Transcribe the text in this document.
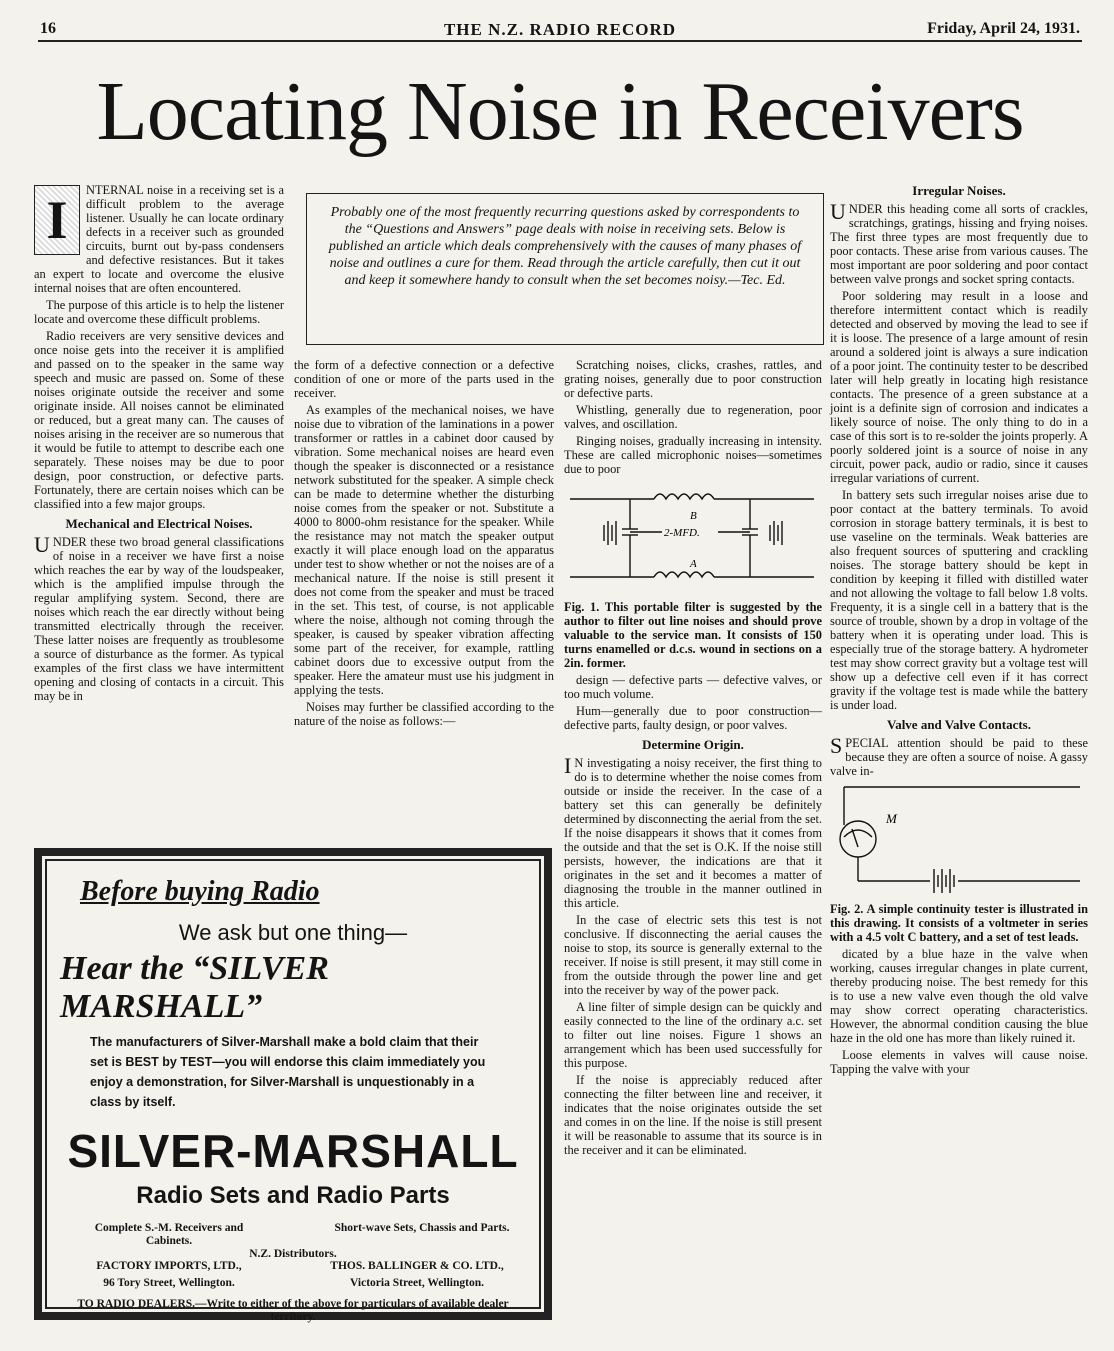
16	THE N.Z. RADIO RECORD	Friday, April 24, 1931.
Locating Noise in Receivers

Probably one of the most frequently recurring questions asked by correspondents to the “Questions and Answers” page deals with noise in receiving sets. Below is published an article which deals comprehensively with the causes of many phases of noise and outlines a cure for them. Read through the article carefully, then cut it out and keep it somewhere handy to consult when the set becomes noisy.—Tec. Ed.

I	NTERNAL noise in a receiving set is a difficult problem to the average listener. Usually he can locate ordinary defects in a receiver such as grounded circuits, burnt out by-pass condensers and defective resistances. But it takes an expert to locate and overcome the elusive internal noises that are often encountered.

The purpose of this article is to help the listener locate and overcome these difficult problems.

Radio receivers are very sensitive devices and once noise gets into the receiver it is amplified and passed on to the speaker in the same way speech and music are passed on. Some of these noises originate outside the receiver and some originate inside. All noises cannot be eliminated or reduced, but a great many can. The causes of noises arising in the receiver are so numerous that it would be futile to attempt to describe each one separately. These noises may be due to poor design, poor construction, or defective parts. Fortunately, there are certain noises which can be classified into a few major groups.

Mechanical and Electrical Noises.

UNDER these two broad general classifications of noise in a receiver we have first a noise which reaches the ear by way of the loudspeaker, which is the amplified impulse through the regular amplifying system. Second, there are noises which reach the ear directly without being transmitted electrically through the receiver. These latter noises are frequently as troublesome a source of disturbance as the former. As typical examples of the first class we have intermittent opening and closing of contacts in a circuit. This may be in

the form of a defective connection or a defective condition of one or more of the parts used in the receiver.

As examples of the mechanical noises, we have noise due to vibration of the laminations in a power transformer or rattles in a cabinet door caused by vibration. Some mechanical noises are heard even though the speaker is disconnected or a resistance network substituted for the speaker. A simple check can be made to determine whether the disturbing noise comes from the speaker or not. Substitute a 4000 to 8000-ohm resistance for the speaker. While the resistance may not match the speaker output exactly it will place enough load on the apparatus under test to show whether or not the noises are of a mechanical nature. If the noise is still present it does not come from the speaker and must be traced in the set. This test, of course, is not applicable where the noise, although not coming through the speaker, is caused by speaker vibration affecting some part of the receiver, for example, rattling cabinet doors due to excessive output from the speaker. Here the amateur must use his judgment in applying the tests.

Noises may further be classified according to the nature of the noise as follows:—

Scratching noises, clicks, crashes, rattles, and grating noises, generally due to poor construction or defective parts.

Whistling, generally due to regeneration, poor valves, and oscillation.

Ringing noises, gradually increasing in intensity. These are called microphonic noises—sometimes due to poor

B
2-MFD.
A

Fig. 1. This portable filter is suggested by the author to filter out line noises and should prove valuable to the service man. It consists of 150 turns enamelled or d.c.s. wound in sections on a 2in. former.

design — defective parts — defective valves, or too much volume.

Hum—generally due to poor construction—defective parts, faulty design, or poor valves.

Determine Origin.

I N investigating a noisy receiver, the first thing to do is to determine whether the noise comes from outside or inside the receiver. In the case of a battery set this can generally be definitely determined by disconnecting the aerial from the set. If the noise disappears it shows that it comes from the outside and that the set is O.K. If the noise still persists, however, the indications are that it originates in the set and it becomes a matter of diagnosing the trouble in the manner outlined in this article.

In the case of electric sets this test is not conclusive. If disconnecting the aerial causes the noise to stop, its source is generally external to the receiver. If noise is still present, it may still come in from the outside through the power line and get into the receiver by way of the power pack.

A line filter of simple design can be quickly and easily connected to the line of the ordinary a.c. set to filter out line noises. Figure 1 shows an arrangement which has been used successfully for this purpose.

If the noise is appreciably reduced after connecting the filter between line and receiver, it indicates that the noise originates outside the set and comes in on the line. If the noise is still present it will be reasonable to assume that its source is in the receiver and it can be eliminated.

Irregular Noises.

UNDER this heading come all sorts of crackles, scratchings, gratings, hissing and frying noises. The first three types are most frequently due to poor contacts. These arise from various causes. The most important are poor soldering and poor contact between valve prongs and socket spring contacts.

Poor soldering may result in a loose and therefore intermittent contact which is readily detected and observed by moving the lead to see if it is loose. The presence of a large amount of resin around a soldered joint is always a sure indication of a poor joint. The continuity tester to be described later will help greatly in locating high resistance contacts. The presence of a green substance at a joint is a definite sign of corrosion and indicates a likely source of noise. The only thing to do in a case of this sort is to re-solder the joints properly. A poorly soldered joint is a source of noise in any circuit, power pack, audio or radio, since it causes irregular variations of current.

In battery sets such irregular noises arise due to poor contact at the battery terminals. To avoid corrosion in storage battery terminals, it is best to use vaseline on the terminals. Weak batteries are also frequent sources of sputtering and crackling noises. The storage battery should be kept in condition by keeping it filled with distilled water and not allowing the voltage to fall below 1.8 volts. Frequenty, it is a single cell in a battery that is the source of trouble, shown by a drop in voltage of the battery when it is operating under load. This is especially true of the storage battery. A hydrometer test may show correct gravity but a voltage test will show up a defective cell even if it has correct gravity if the voltage test is made while the battery is under load.

Valve and Valve Contacts.

SPECIAL attention should be paid to these because they are often a source of noise. A gassy valve in-

M

Fig. 2. A simple continuity tester is illustrated in this drawing. It consists of a voltmeter in series with a 4.5 volt C battery, and a set of test leads.

dicated by a blue haze in the valve when working, causes irregular changes in plate current, thereby producing noise. The best remedy for this is to use a new valve even though the old valve may show correct operating characteristics. However, the abnormal condition causing the blue haze in the old one has more than likely ruined it.

Loose elements in valves will cause noise. Tapping the valve with your

Before buying Radio
We ask but one thing—
Hear the “SILVER MARSHALL”
The manufacturers of Silver-Marshall make a bold claim that their set is BEST by TEST—you will endorse this claim immediately you enjoy a demonstration, for Silver-Marshall is unquestionably in a class by itself.
SILVER-MARSHALL
Radio Sets and Radio Parts
Complete S.-M. Receivers and Cabinets.
Short-wave Sets, Chassis and Parts.
N.Z. Distributors.
FACTORY IMPORTS, LTD.,	THOS. BALLINGER & CO. LTD.,
96 Tory Street, Wellington.	Victoria Street, Wellington.
TO RADIO DEALERS.—Write to either of the above for particulars of available dealer territory.
